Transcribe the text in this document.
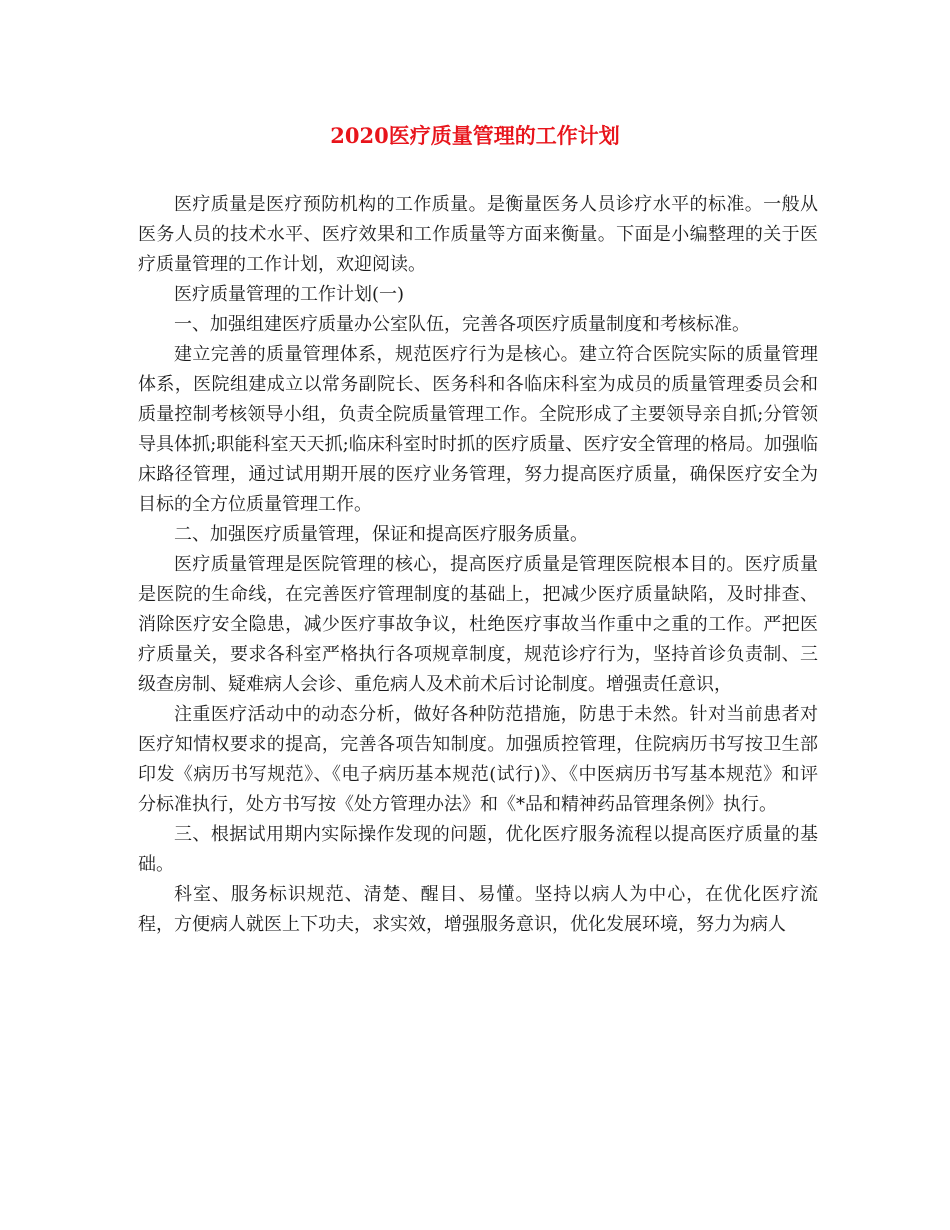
2020医疗质量管理的工作计划

医疗质量是医疗预防机构的工作质量。是衡量医务人员诊疗水平的标准。一般从医务人员的技术水平、医疗效果和工作质量等方面来衡量。下面是小编整理的关于医疗质量管理的工作计划，欢迎阅读。

医疗质量管理的工作计划(一)

一、加强组建医疗质量办公室队伍，完善各项医疗质量制度和考核标准。

建立完善的质量管理体系，规范医疗行为是核心。建立符合医院实际的质量管理体系，医院组建成立以常务副院长、医务科和各临床科室为成员的质量管理委员会和质量控制考核领导小组，负责全院质量管理工作。全院形成了主要领导亲自抓;分管领导具体抓;职能科室天天抓;临床科室时时抓的医疗质量、医疗安全管理的格局。加强临床路径管理，通过试用期开展的医疗业务管理，努力提高医疗质量，确保医疗安全为目标的全方位质量管理工作。

二、加强医疗质量管理，保证和提高医疗服务质量。

医疗质量管理是医院管理的核心，提高医疗质量是管理医院根本目的。医疗质量是医院的生命线，在完善医疗管理制度的基础上，把减少医疗质量缺陷，及时排查、消除医疗安全隐患，减少医疗事故争议，杜绝医疗事故当作重中之重的工作。严把医疗质量关，要求各科室严格执行各项规章制度，规范诊疗行为，坚持首诊负责制、三级查房制、疑难病人会诊、重危病人及术前术后讨论制度。增强责任意识，

注重医疗活动中的动态分析，做好各种防范措施，防患于未然。针对当前患者对医疗知情权要求的提高，完善各项告知制度。加强质控管理，住院病历书写按卫生部印发《病历书写规范》、《电子病历基本规范(试行)》、《中医病历书写基本规范》和评分标准执行，处方书写按《处方管理办法》和《*品和精神药品管理条例》执行。

三、根据试用期内实际操作发现的问题，优化医疗服务流程以提高医疗质量的基础。

科室、服务标识规范、清楚、醒目、易懂。坚持以病人为中心，在优化医疗流程，方便病人就医上下功夫，求实效，增强服务意识，优化发展环境，努力为病人
